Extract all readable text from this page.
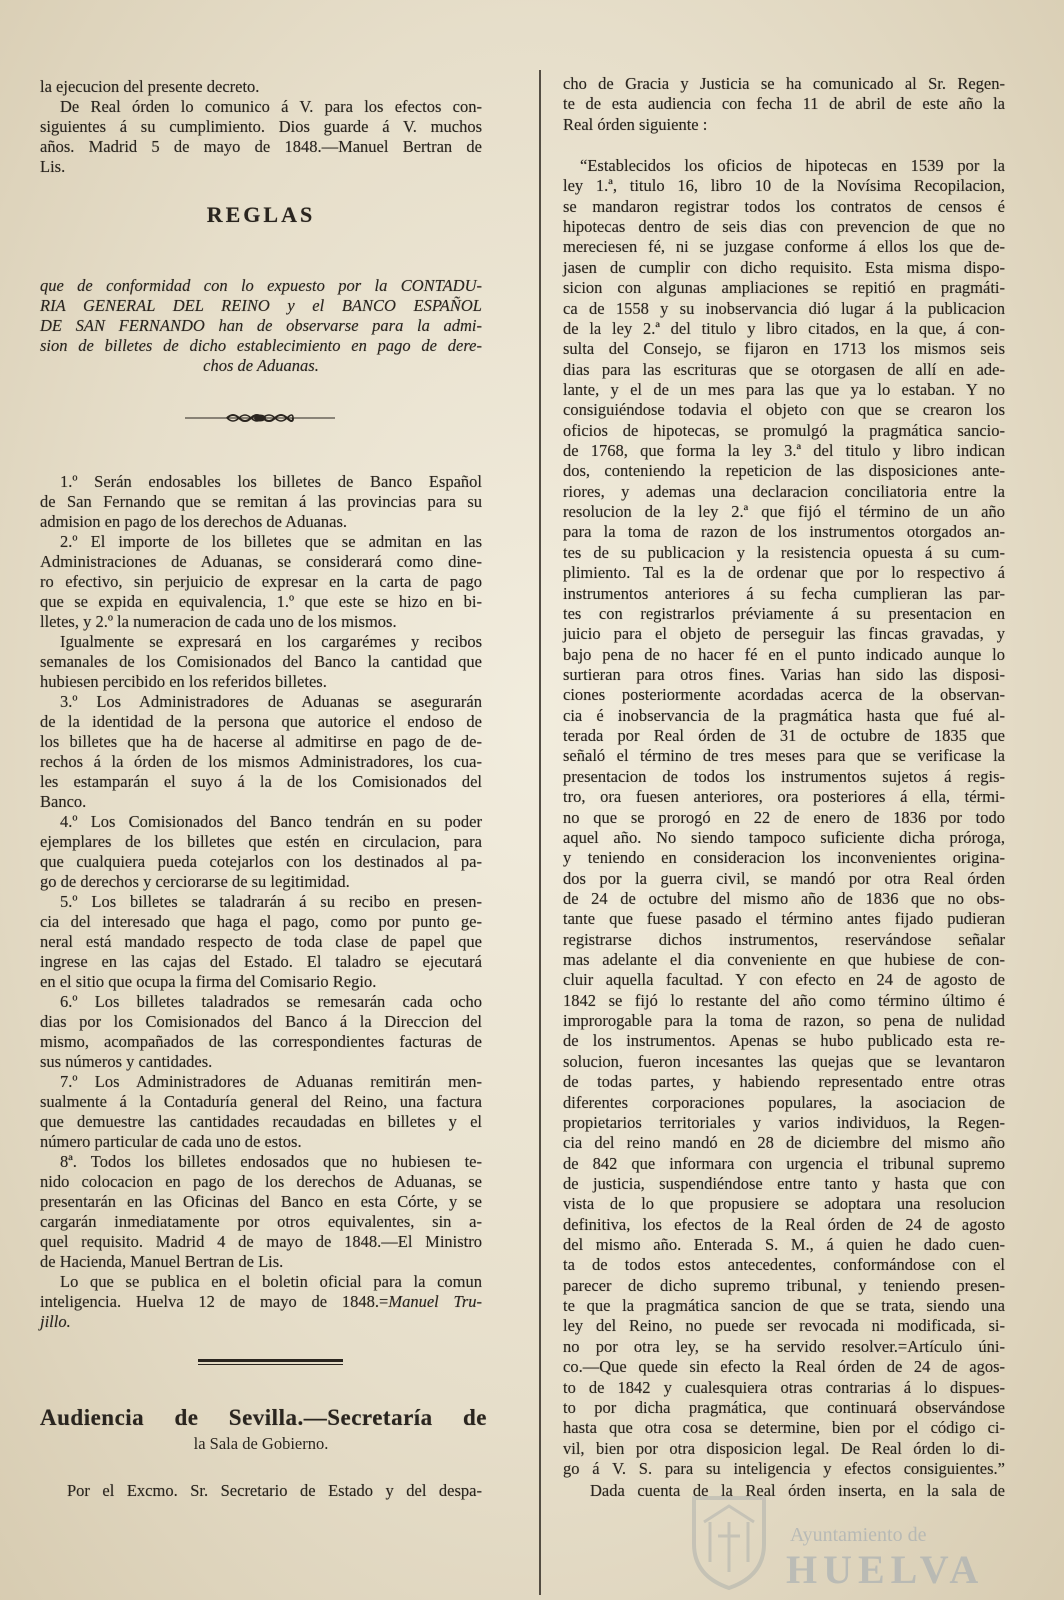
la ejecucion del presente decreto.
De Real órden lo comunico á V. para los efectos con-
siguientes á su cumplimiento. Dios guarde á V. muchos
años. Madrid 5 de mayo de 1848.—Manuel Bertran de
Lis.
REGLAS
que de conformidad con lo expuesto por la CONTADU-
RIA GENERAL DEL REINO y el BANCO ESPAÑOL
DE SAN FERNANDO han de observarse para la admi-
sion de billetes de dicho establecimiento en pago de dere-
chos de Aduanas.
1.º Serán endosables los billetes de Banco Español
de San Fernando que se remitan á las provincias para su
admision en pago de los derechos de Aduanas.
2.º El importe de los billetes que se admitan en las
Administraciones de Aduanas, se considerará como dine-
ro efectivo, sin perjuicio de expresar en la carta de pago
que se expida en equivalencia, 1.º que este se hizo en bi-
lletes, y 2.º la numeracion de cada uno de los mismos.
Igualmente se expresará en los cargarémes y recibos
semanales de los Comisionados del Banco la cantidad que
hubiesen percibido en los referidos billetes.
3.º Los Administradores de Aduanas se asegurarán
de la identidad de la persona que autorice el endoso de
los billetes que ha de hacerse al admitirse en pago de de-
rechos á la órden de los mismos Administradores, los cua-
les estamparán el suyo á la de los Comisionados del
Banco.
4.º Los Comisionados del Banco tendrán en su poder
ejemplares de los billetes que estén en circulacion, para
que cualquiera pueda cotejarlos con los destinados al pa-
go de derechos y cerciorarse de su legitimidad.
5.º Los billetes se taladrarán á su recibo en presen-
cia del interesado que haga el pago, como por punto ge-
neral está mandado respecto de toda clase de papel que
ingrese en las cajas del Estado. El taladro se ejecutará
en el sitio que ocupa la firma del Comisario Regio.
6.º Los billetes taladrados se remesarán cada ocho
dias por los Comisionados del Banco á la Direccion del
mismo, acompañados de las correspondientes facturas de
sus números y cantidades.
7.º Los Administradores de Aduanas remitirán men-
sualmente á la Contaduría general del Reino, una factura
que demuestre las cantidades recaudadas en billetes y el
número particular de cada uno de estos.
8ª. Todos los billetes endosados que no hubiesen te-
nido colocacion en pago de los derechos de Aduanas, se
presentarán en las Oficinas del Banco en esta Córte, y se
cargarán inmediatamente por otros equivalentes, sin a-
quel requisito. Madrid 4 de mayo de 1848.—El Ministro
de Hacienda, Manuel Bertran de Lis.
Lo que se publica en el boletin oficial para la comun
inteligencia. Huelva 12 de mayo de 1848.=Manuel Tru-
jillo.
Audiencia de Sevilla.—Secretaría de
la Sala de Gobierno.
Por el Excmo. Sr. Secretario de Estado y del despa-
cho de Gracia y Justicia se ha comunicado al Sr. Regen-
te de esta audiencia con fecha 11 de abril de este año la
Real órden siguiente :
“Establecidos los oficios de hipotecas en 1539 por la
ley 1.ª, titulo 16, libro 10 de la Novísima Recopilacion,
se mandaron registrar todos los contratos de censos é
hipotecas dentro de seis dias con prevencion de que no
mereciesen fé, ni se juzgase conforme á ellos los que de-
jasen de cumplir con dicho requisito. Esta misma dispo-
sicion con algunas ampliaciones se repitió en pragmáti-
ca de 1558 y su inobservancia dió lugar á la publicacion
de la ley 2.ª del titulo y libro citados, en la que, á con-
sulta del Consejo, se fijaron en 1713 los mismos seis
dias para las escrituras que se otorgasen de allí en ade-
lante, y el de un mes para las que ya lo estaban. Y no
consiguiéndose todavia el objeto con que se crearon los
oficios de hipotecas, se promulgó la pragmática sancio-
de 1768, que forma la ley 3.ª del titulo y libro indican
dos, conteniendo la repeticion de las disposiciones ante-
riores, y ademas una declaracion conciliatoria entre la
resolucion de la ley 2.ª que fijó el término de un año
para la toma de razon de los instrumentos otorgados an-
tes de su publicacion y la resistencia opuesta á su cum-
plimiento. Tal es la de ordenar que por lo respectivo á
instrumentos anteriores á su fecha cumplieran las par-
tes con registrarlos préviamente á su presentacion en
juicio para el objeto de perseguir las fincas gravadas, y
bajo pena de no hacer fé en el punto indicado aunque lo
surtieran para otros fines. Varias han sido las disposi-
ciones posteriormente acordadas acerca de la observan-
cia é inobservancia de la pragmática hasta que fué al-
terada por Real órden de 31 de octubre de 1835 que
señaló el término de tres meses para que se verificase la
presentacion de todos los instrumentos sujetos á regis-
tro, ora fuesen anteriores, ora posteriores á ella, térmi-
no que se prorogó en 22 de enero de 1836 por todo
aquel año. No siendo tampoco suficiente dicha próroga,
y teniendo en consideracion los inconvenientes origina-
dos por la guerra civil, se mandó por otra Real órden
de 24 de octubre del mismo año de 1836 que no obs-
tante que fuese pasado el término antes fijado pudieran
registrarse dichos instrumentos, reservándose señalar
mas adelante el dia conveniente en que hubiese de con-
cluir aquella facultad. Y con efecto en 24 de agosto de
1842 se fijó lo restante del año como término último é
improrogable para la toma de razon, so pena de nulidad
de los instrumentos. Apenas se hubo publicado esta re-
solucion, fueron incesantes las quejas que se levantaron
de todas partes, y habiendo representado entre otras
diferentes corporaciones populares, la asociacion de
propietarios territoriales y varios individuos, la Regen-
cia del reino mandó en 28 de diciembre del mismo año
de 842 que informara con urgencia el tribunal supremo
de justicia, suspendiéndose entre tanto y hasta que con
vista de lo que propusiere se adoptara una resolucion
definitiva, los efectos de la Real órden de 24 de agosto
del mismo año. Enterada S. M., á quien he dado cuen-
ta de todos estos antecedentes, conformándose con el
parecer de dicho supremo tribunal, y teniendo presen-
te que la pragmática sancion de que se trata, siendo una
ley del Reino, no puede ser revocada ni modificada, si-
no por otra ley, se ha servido resolver.=Artículo úni-
co.—Que quede sin efecto la Real órden de 24 de agos-
to de 1842 y cualesquiera otras contrarias á lo dispues-
to por dicha pragmática, que continuará observándose
hasta que otra cosa se determine, bien por el código ci-
vil, bien por otra disposicion legal. De Real órden lo di-
go á V. S. para su inteligencia y efectos consiguientes.”
Dada cuenta de la Real órden inserta, en la sala de
Ayuntamiento de
HUELVA
